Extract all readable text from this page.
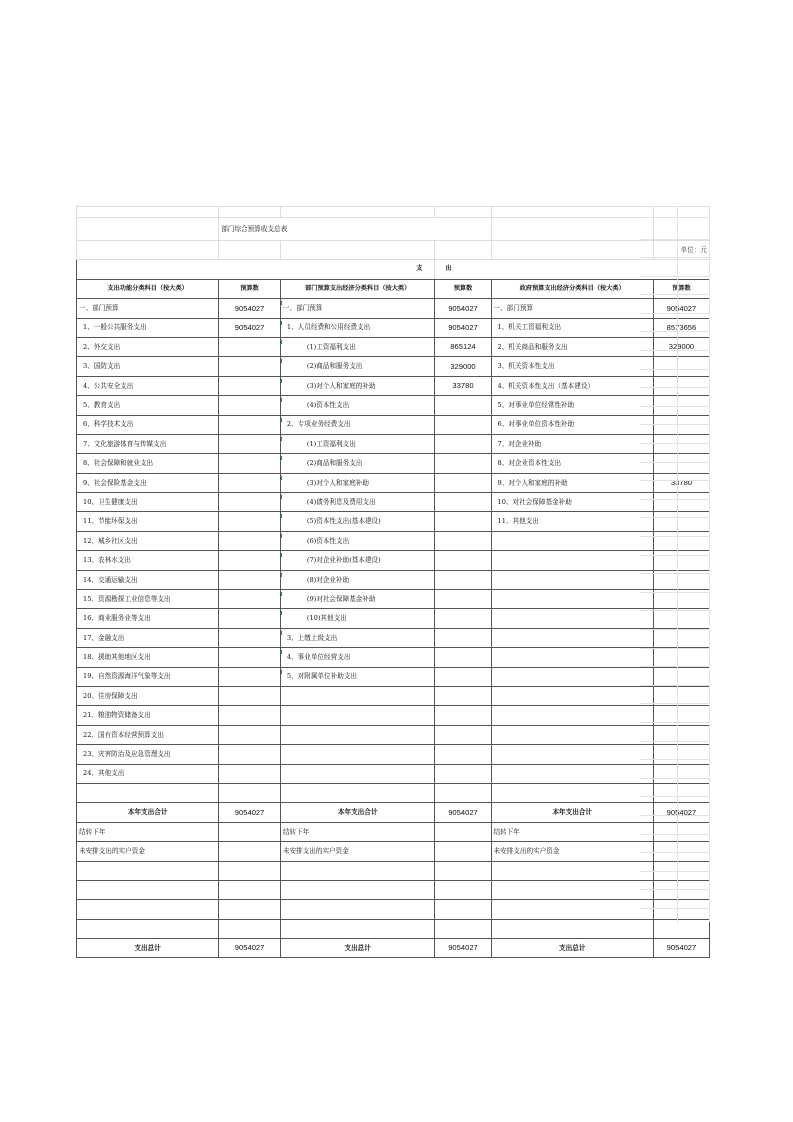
	部门综合预算收支总表				
					单位：元
支			出		
支出功能分类科目（按大类）	预算数	部门预算支出经济分类科目（按大类）	预算数	政府预算支出经济分类科目（按大类）	预算数
一、部门预算	9054027	一、部门预算	9054027	一、部门预算	9054027
1、一般公共服务支出	9054027	1、人员经费和公用经费支出	9054027	1、机关工资福利支出	8573656
2、外交支出		(1)工资福利支出	865124	2、机关商品和服务支出	329000
3、国防支出		(2)商品和服务支出	329000	3、机关资本性支出	
4、公共安全支出		(3)对个人和家庭的补助	33780	4、机关资本性支出（基本建设）	
5、教育支出		(4)资本性支出		5、对事业单位经常性补助	
6、科学技术支出		2、专项业务经费支出		6、对事业单位资本性补助	
7、文化旅游体育与传媒支出		(1)工资福利支出		7、对企业补助	
8、社会保障和就业支出		(2)商品和服务支出		8、对企业资本性支出	
9、社会保险基金支出		(3)对个人和家庭补助		9、对个人和家庭的补助	33780
10、卫生健康支出		(4)债务利息及费用支出		10、对社会保障基金补助	
11、节能环保支出		(5)资本性支出(基本建设)		11、其他支出	
12、城乡社区支出		(6)资本性支出			
13、农林水支出		(7)对企业补助(基本建设)			
14、交通运输支出		(8)对企业补助			
15、资源勘探工业信息等支出		(9)对社会保障基金补助			
16、商业服务业等支出		(10)其他支出			
17、金融支出		3、上缴上级支出			
18、援助其他地区支出		4、事业单位经营支出			
19、自然资源海洋气象等支出		5、对附属单位补助支出			
20、住房保障支出					
21、粮油物资储备支出					
22、国有资本经营预算支出					
23、灾害防治及应急管理支出					
24、其他支出					

本年支出合计	9054027	本年支出合计	9054027	本年支出合计	9054027
结转下年		结转下年		结转下年	
未安排支出的实户资金		未安排支出的实户资金		未安排支出的实户资金	

支出总计	9054027	支出总计	9054027	支出总计	9054027
